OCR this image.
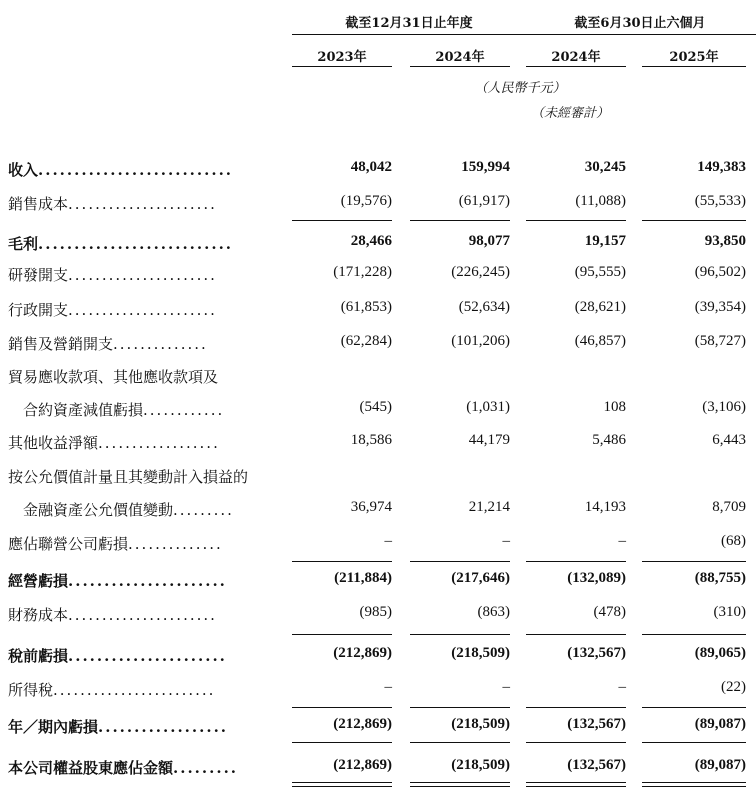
截至12月31日止年度	截至6月30日止六個月
2023年	2024年	2024年	2025年
（人民幣千元）
（未經審計）
收入...........................	48,042	159,994	30,245	149,383
銷售成本......................	(19,576)	(61,917)	(11,088)	(55,533)
毛利...........................	28,466	98,077	19,157	93,850
研發開支......................	(171,228)	(226,245)	(95,555)	(96,502)
行政開支......................	(61,853)	(52,634)	(28,621)	(39,354)
銷售及營銷開支..............	(62,284)	(101,206)	(46,857)	(58,727)
貿易應收款項、其他應收款項及
　合約資產減值虧損............	(545)	(1,031)	108	(3,106)
其他收益淨額..................	18,586	44,179	5,486	6,443
按公允價值計量且其變動計入損益的
　金融資產公允價值變動.........	36,974	21,214	14,193	8,709
應佔聯營公司虧損..............	–	–	–	(68)
經營虧損......................	(211,884)	(217,646)	(132,089)	(88,755)
財務成本......................	(985)	(863)	(478)	(310)
稅前虧損......................	(212,869)	(218,509)	(132,567)	(89,065)
所得稅........................	–	–	–	(22)
年／期內虧損..................	(212,869)	(218,509)	(132,567)	(89,087)
本公司權益股東應佔金額.........	(212,869)	(218,509)	(132,567)	(89,087)
